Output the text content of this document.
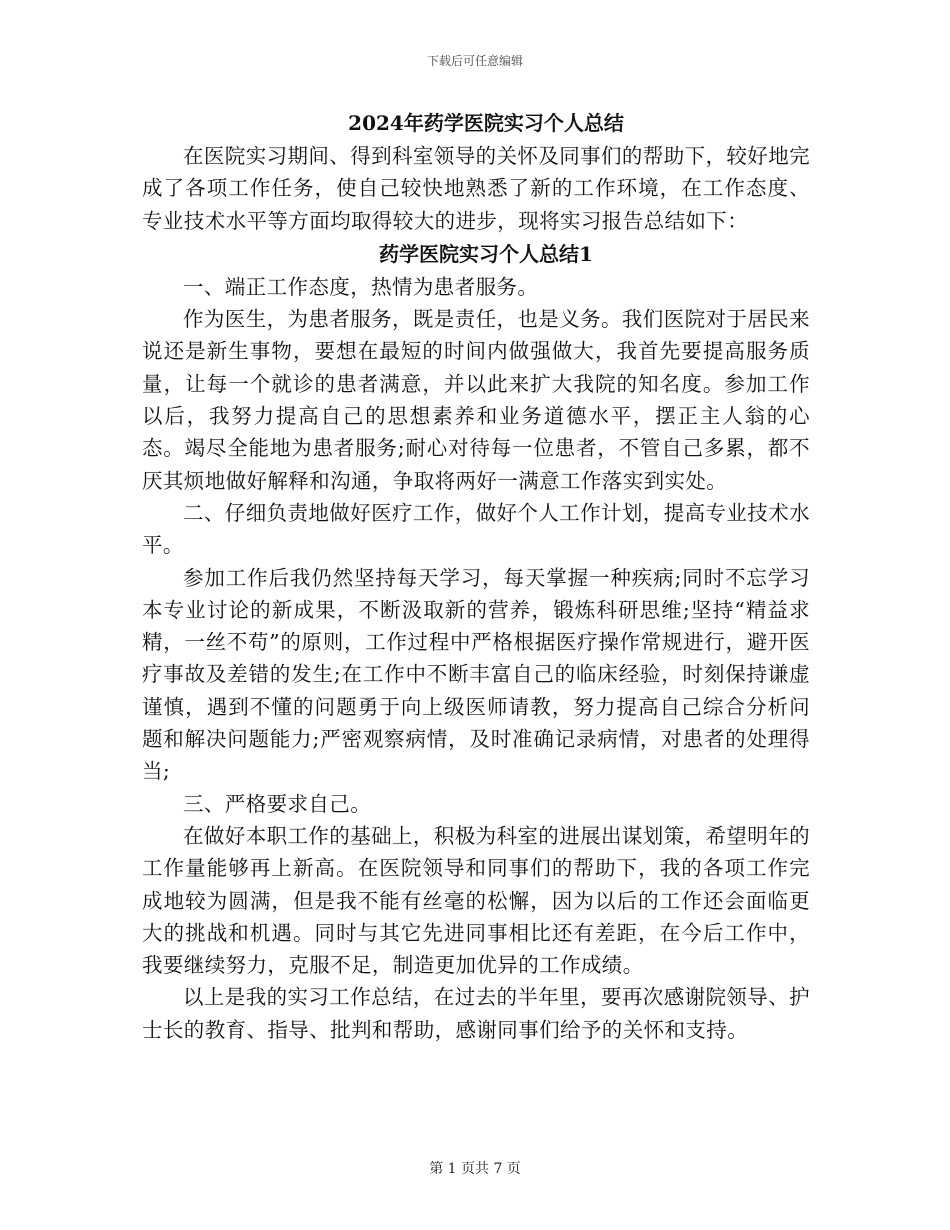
下载后可任意编辑
2024年药学医院实习个人总结

在医院实习期间、得到科室领导的关怀及同事们的帮助下，较好地完成了各项工作任务，使自己较快地熟悉了新的工作环境，在工作态度、专业技术水平等方面均取得较大的进步，现将实习报告总结如下：

药学医院实习个人总结1

一、端正工作态度，热情为患者服务。

作为医生，为患者服务，既是责任，也是义务。我们医院对于居民来说还是新生事物，要想在最短的时间内做强做大，我首先要提高服务质量，让每一个就诊的患者满意，并以此来扩大我院的知名度。参加工作以后，我努力提高自己的思想素养和业务道德水平，摆正主人翁的心态。竭尽全能地为患者服务;耐心对待每一位患者，不管自己多累，都不厌其烦地做好解释和沟通，争取将两好一满意工作落实到实处。

二、仔细负责地做好医疗工作，做好个人工作计划，提高专业技术水平。

参加工作后我仍然坚持每天学习，每天掌握一种疾病;同时不忘学习本专业讨论的新成果，不断汲取新的营养，锻炼科研思维;坚持“精益求精，一丝不苟”的原则，工作过程中严格根据医疗操作常规进行，避开医疗事故及差错的发生;在工作中不断丰富自己的临床经验，时刻保持谦虚谨慎，遇到不懂的问题勇于向上级医师请教，努力提高自己综合分析问题和解决问题能力;严密观察病情，及时准确记录病情，对患者的处理得当;

三、严格要求自己。

在做好本职工作的基础上，积极为科室的进展出谋划策，希望明年的工作量能够再上新高。在医院领导和同事们的帮助下，我的各项工作完成地较为圆满，但是我不能有丝毫的松懈，因为以后的工作还会面临更大的挑战和机遇。同时与其它先进同事相比还有差距，在今后工作中，我要继续努力，克服不足，制造更加优异的工作成绩。

以上是我的实习工作总结，在过去的半年里，要再次感谢院领导、护士长的教育、指导、批判和帮助，感谢同事们给予的关怀和支持。

第 1 页共 7 页
